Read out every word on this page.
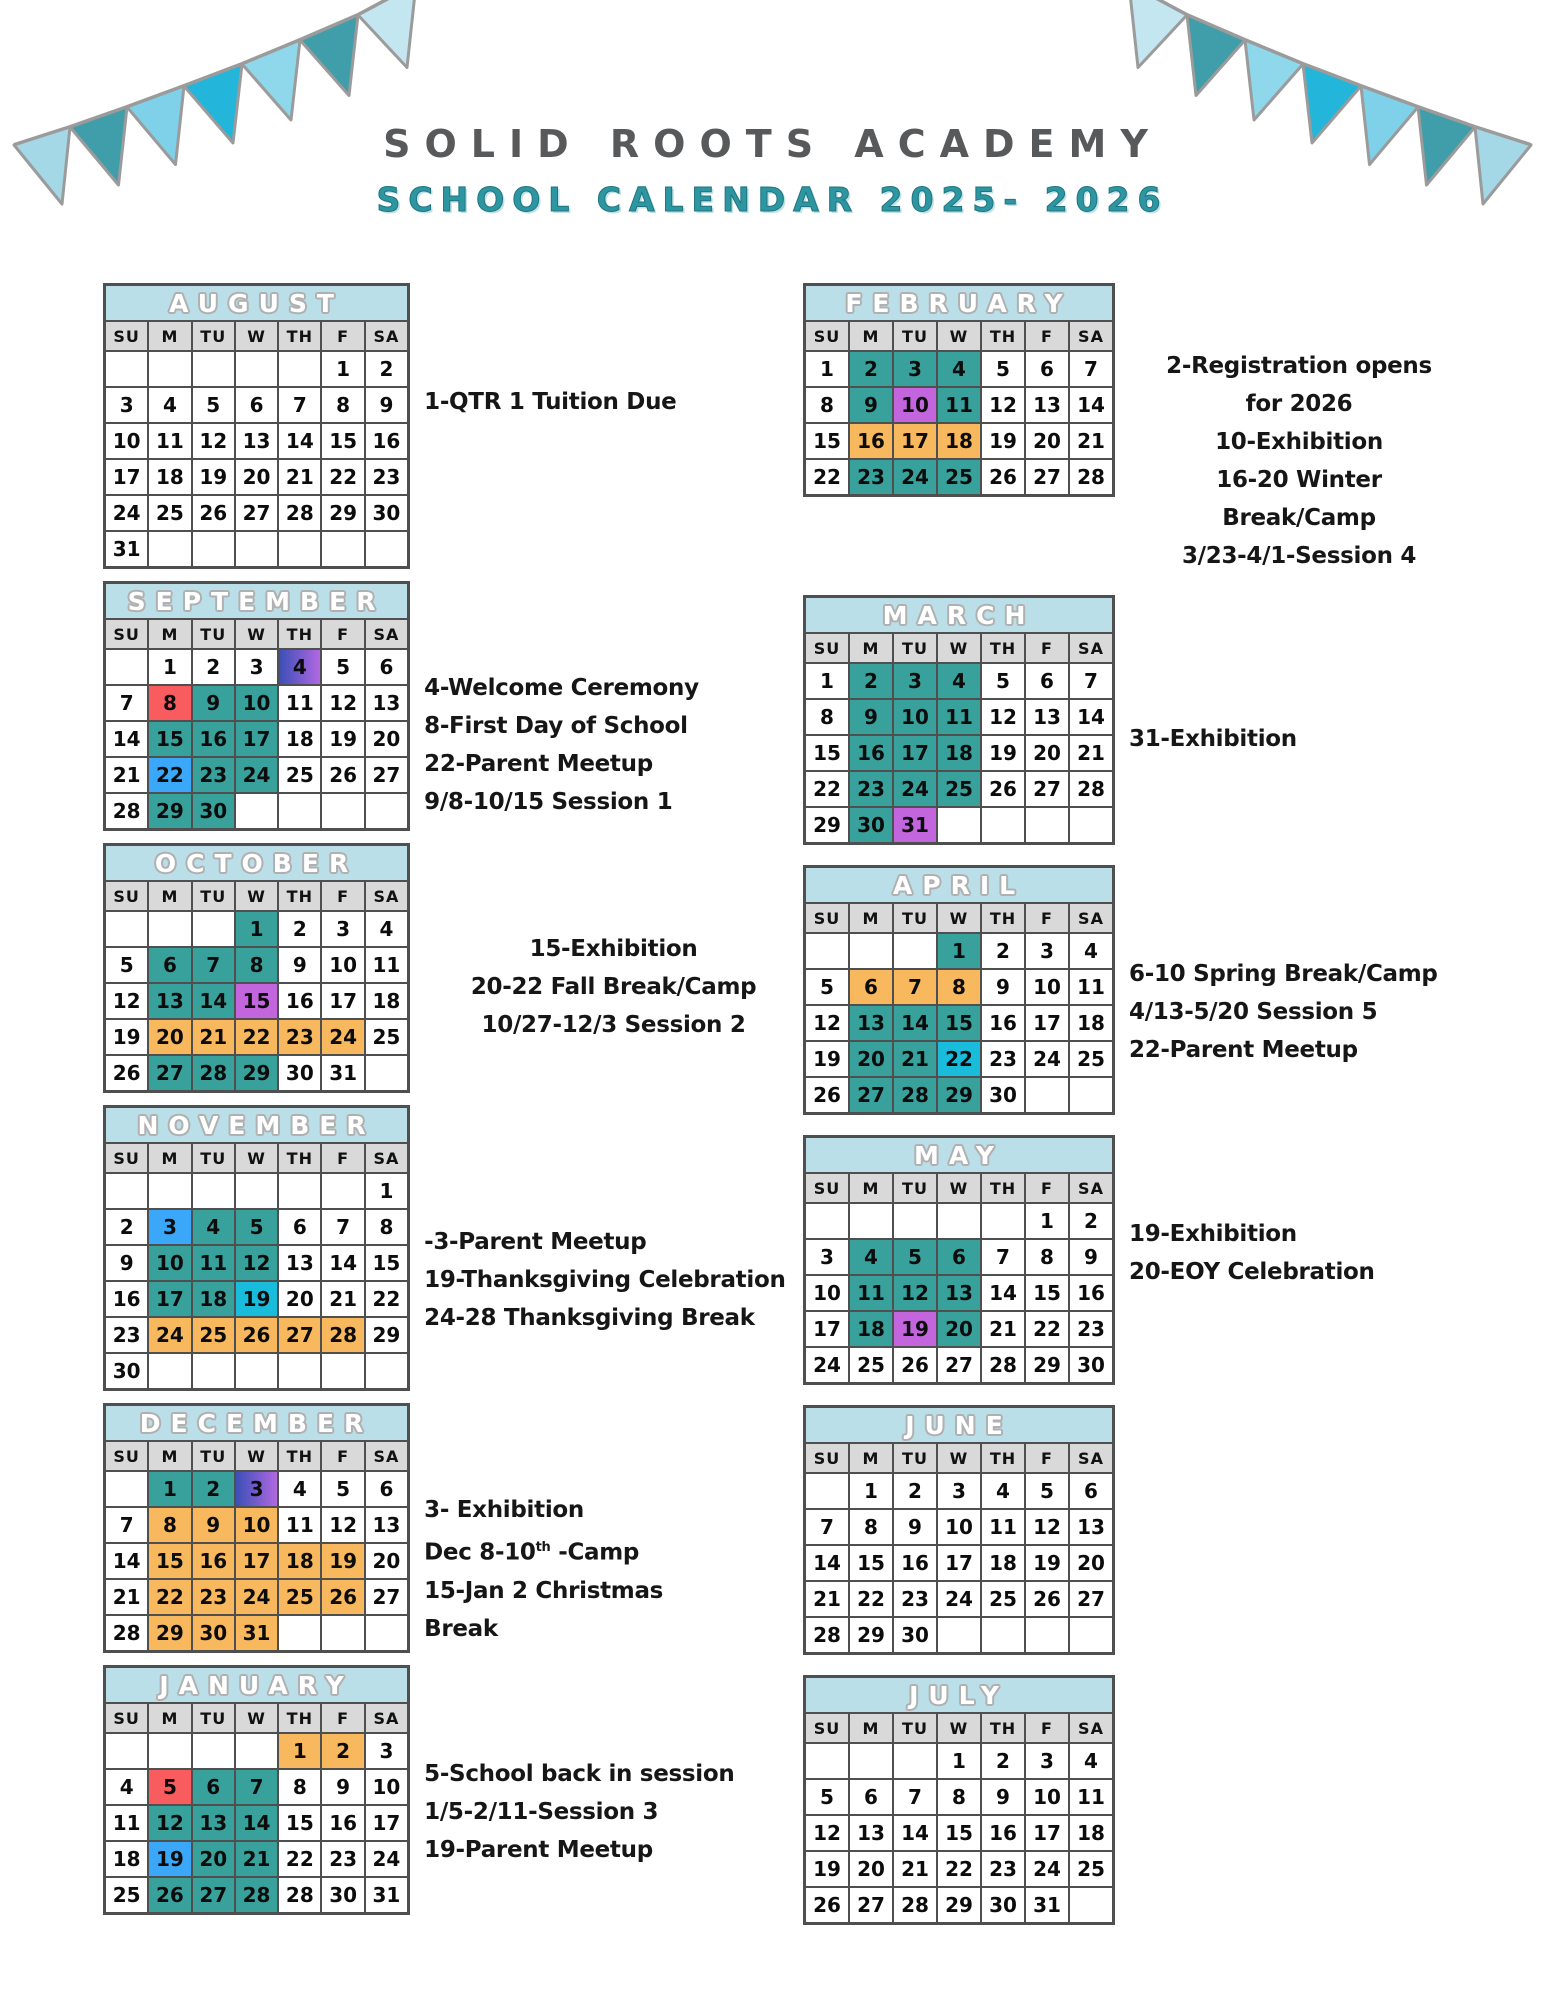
SOLID ROOTS ACADEMY
SCHOOL CALENDAR 2025- 2026
AUGUST						
SU	M	TU	W	TH	F	SA
					1	2
3	4	5	6	7	8	9
10	11	12	13	14	15	16
17	18	19	20	21	22	23
24	25	26	27	28	29	30
31						
1-QTR 1 Tuition Due
SEPTEMBER						
SU	M	TU	W	TH	F	SA
	1	2	3	4	5	6
7	8	9	10	11	12	13
14	15	16	17	18	19	20
21	22	23	24	25	26	27
28	29	30				
4-Welcome Ceremony
8-First Day of School
22-Parent Meetup
9/8-10/15 Session 1
OCTOBER						
SU	M	TU	W	TH	F	SA
			1	2	3	4
5	6	7	8	9	10	11
12	13	14	15	16	17	18
19	20	21	22	23	24	25
26	27	28	29	30	31	
15-Exhibition
20-22 Fall Break/Camp
10/27-12/3 Session 2
NOVEMBER						
SU	M	TU	W	TH	F	SA
						1
2	3	4	5	6	7	8
9	10	11	12	13	14	15
16	17	18	19	20	21	22
23	24	25	26	27	28	29
30						
-3-Parent Meetup
19-Thanksgiving Celebration
24-28 Thanksgiving Break
DECEMBER						
SU	M	TU	W	TH	F	SA
	1	2	3	4	5	6
7	8	9	10	11	12	13
14	15	16	17	18	19	20
21	22	23	24	25	26	27
28	29	30	31			
3- Exhibition
Dec 8-10th -Camp
15-Jan 2 Christmas
Break
JANUARY						
SU	M	TU	W	TH	F	SA
				1	2	3
4	5	6	7	8	9	10
11	12	13	14	15	16	17
18	19	20	21	22	23	24
25	26	27	28	28	30	31
5-School back in session
1/5-2/11-Session 3
19-Parent Meetup
FEBRUARY						
SU	M	TU	W	TH	F	SA
1	2	3	4	5	6	7
8	9	10	11	12	13	14
15	16	17	18	19	20	21
22	23	24	25	26	27	28
2-Registration opens
for 2026
10-Exhibition
16-20 Winter
Break/Camp
3/23-4/1-Session 4
MARCH						
SU	M	TU	W	TH	F	SA
1	2	3	4	5	6	7
8	9	10	11	12	13	14
15	16	17	18	19	20	21
22	23	24	25	26	27	28
29	30	31				
31-Exhibition
APRIL						
SU	M	TU	W	TH	F	SA
			1	2	3	4
5	6	7	8	9	10	11
12	13	14	15	16	17	18
19	20	21	22	23	24	25
26	27	28	29	30		
6-10 Spring Break/Camp
4/13-5/20 Session 5
22-Parent Meetup
MAY						
SU	M	TU	W	TH	F	SA
					1	2
3	4	5	6	7	8	9
10	11	12	13	14	15	16
17	18	19	20	21	22	23
24	25	26	27	28	29	30
19-Exhibition
20-EOY Celebration
JUNE						
SU	M	TU	W	TH	F	SA
	1	2	3	4	5	6
7	8	9	10	11	12	13
14	15	16	17	18	19	20
21	22	23	24	25	26	27
28	29	30				
JULY						
SU	M	TU	W	TH	F	SA
			1	2	3	4
5	6	7	8	9	10	11
12	13	14	15	16	17	18
19	20	21	22	23	24	25
26	27	28	29	30	31	
